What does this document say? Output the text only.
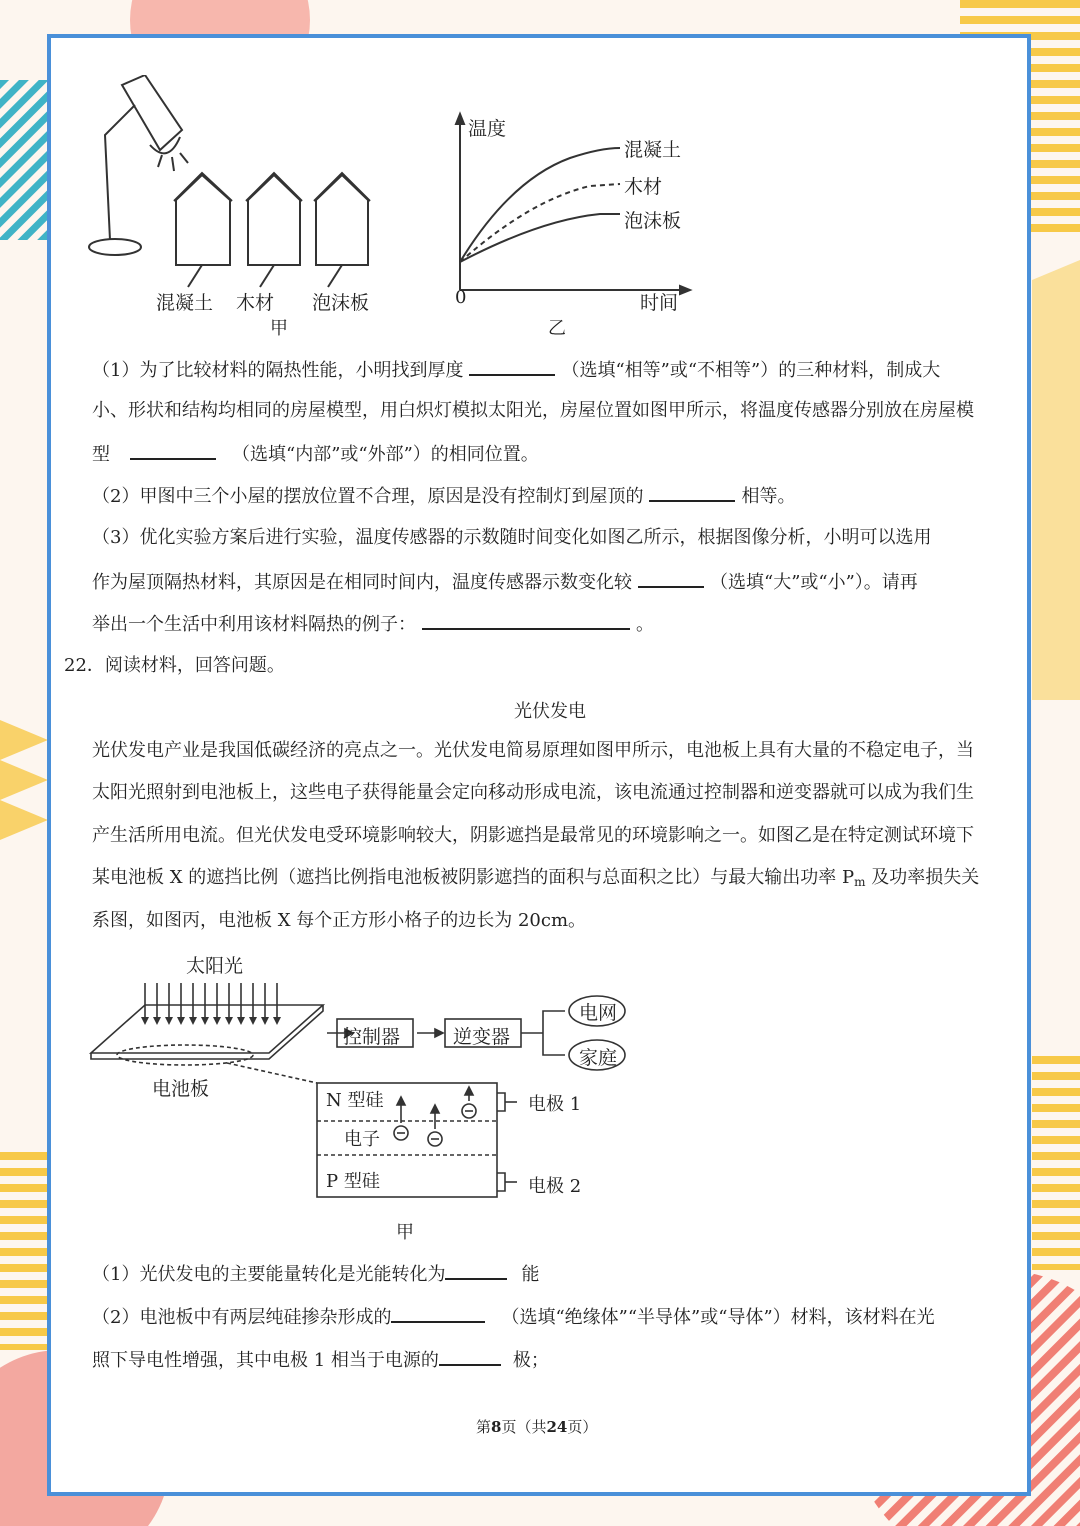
混凝土 木材 泡沫板
甲
温度
混凝土
木材
泡沫板
0	时间
乙
（1）为了比较材料的隔热性能，小明找到厚度	（选填“相等”或“不相等”）的三种材料，制成大
小、形状和结构均相同的房屋模型，用白炽灯模拟太阳光，房屋位置如图甲所示，将温度传感器分别放在房屋模
型	（选填“内部”或“外部”）的相同位置。
（2）甲图中三个小屋的摆放位置不合理，原因是没有控制灯到屋顶的	相等。
（3）优化实验方案后进行实验，温度传感器的示数随时间变化如图乙所示，根据图像分析，小明可以选用
作为屋顶隔热材料，其原因是在相同时间内，温度传感器示数变化较	（选填“大”或“小”）。请再
举出一个生活中利用该材料隔热的例子：	。
22．阅读材料，回答问题。
光伏发电
光伏发电产业是我国低碳经济的亮点之一。光伏发电简易原理如图甲所示，电池板上具有大量的不稳定电子，当
太阳光照射到电池板上，这些电子获得能量会定向移动形成电流，该电流通过控制器和逆变器就可以成为我们生
产生活所用电流。但光伏发电受环境影响较大，阴影遮挡是最常见的环境影响之一。如图乙是在特定测试环境下
某电池板 X 的遮挡比例（遮挡比例指电池板被阴影遮挡的面积与总面积之比）与最大输出功率 $P_m$ 及功率损失关
系图，如图丙，电池板 X 每个正方形小格子的边长为 20cm。
太阳光
控制器	逆变器
电网
家庭
电池板
N 型硅
电子
P 型硅
电极 1
电极 2
甲
（1）光伏发电的主要能量转化是光能转化为	能
（2）电池板中有两层纯硅掺杂形成的	（选填“绝缘体”“半导体”或“导体”）材料，该材料在光
照下导电性增强，其中电极 1 相当于电源的	极；
第8页（共24页）
